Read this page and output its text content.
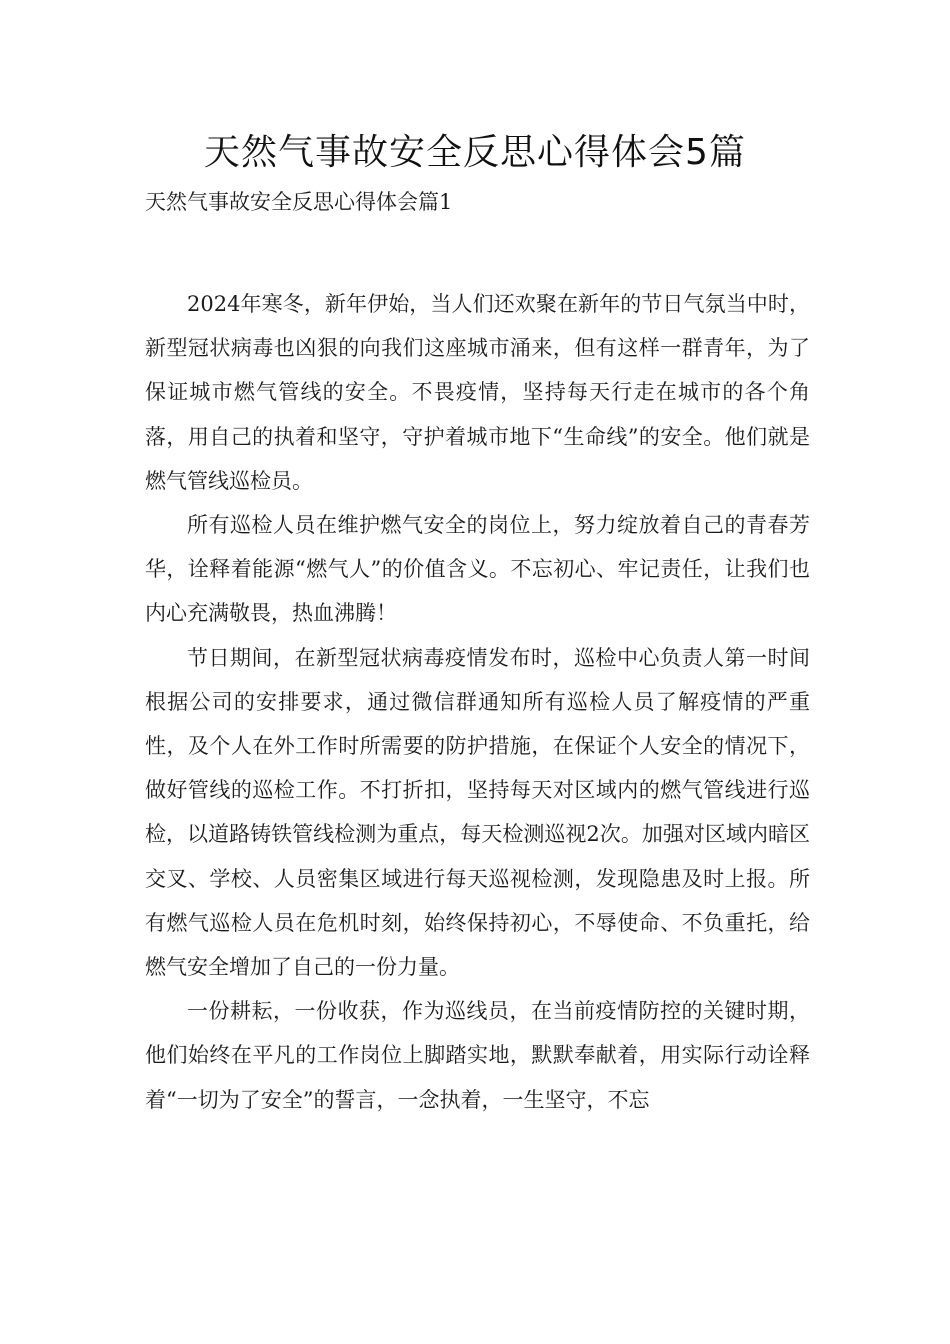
天然气事故安全反思心得体会5篇

天然气事故安全反思心得体会篇1

2024年寒冬，新年伊始，当人们还欢聚在新年的节日气氛当中时，新型冠状病毒也凶狠的向我们这座城市涌来，但有这样一群青年，为了保证城市燃气管线的安全。不畏疫情，坚持每天行走在城市的各个角落，用自己的执着和坚守，守护着城市地下“生命线”的安全。他们就是燃气管线巡检员。

所有巡检人员在维护燃气安全的岗位上，努力绽放着自己的青春芳华，诠释着能源“燃气人”的价值含义。不忘初心、牢记责任，让我们也内心充满敬畏，热血沸腾！

节日期间，在新型冠状病毒疫情发布时，巡检中心负责人第一时间根据公司的安排要求，通过微信群通知所有巡检人员了解疫情的严重性，及个人在外工作时所需要的防护措施，在保证个人安全的情况下，做好管线的巡检工作。不打折扣，坚持每天对区域内的燃气管线进行巡检，以道路铸铁管线检测为重点，每天检测巡视2次。加强对区域内暗区交叉、学校、人员密集区域进行每天巡视检测，发现隐患及时上报。所有燃气巡检人员在危机时刻，始终保持初心，不辱使命、不负重托，给燃气安全增加了自己的一份力量。

一份耕耘，一份收获，作为巡线员，在当前疫情防控的关键时期，他们始终在平凡的工作岗位上脚踏实地，默默奉献着，用实际行动诠释着“一切为了安全”的誓言，一念执着，一生坚守，不忘
